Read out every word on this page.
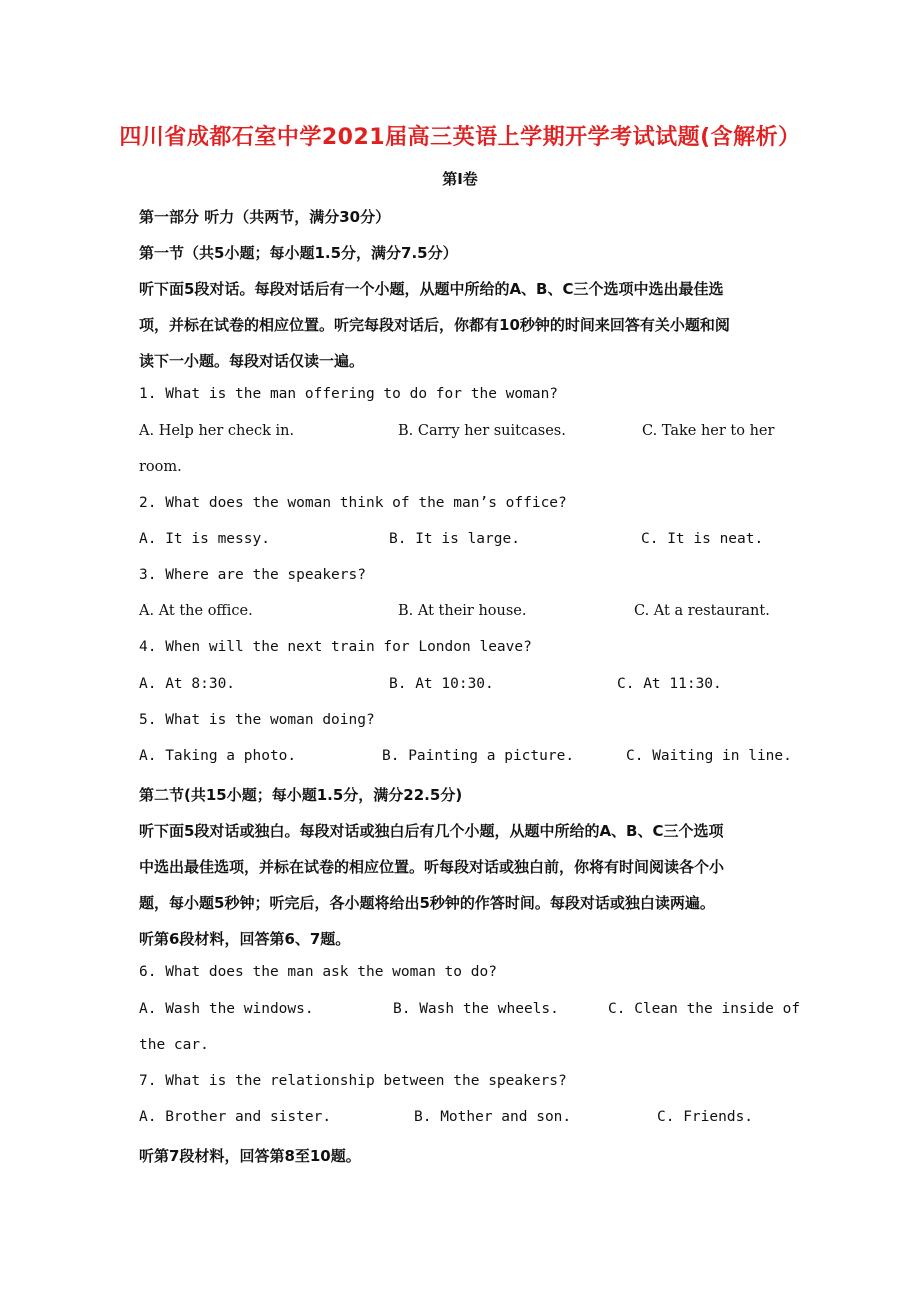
四川省成都石室中学2021届高三英语上学期开学考试试题(含解析）
第I卷
第一部分 听力（共两节，满分30分）
第一节（共5小题；每小题1.5分，满分7.5分）
听下面5段对话。每段对话后有一个小题，从题中所给的A、B、C三个选项中选出最佳选
项，并标在试卷的相应位置。听完每段对话后，你都有10秒钟的时间来回答有关小题和阅
读下一小题。每段对话仅读一遍。
1. What is the man offering to do for the woman?
A. Help her check in.	B. Carry her suitcases.	C. Take her to her
room.
2. What does the woman think of the man’s office?
A. It is messy.	B. It is large.	C. It is neat.
3. Where are the speakers?
A. At the office.	B. At their house.	C. At a restaurant.
4. When will the next train for London leave?
A. At 8:30.	B. At 10:30.	C. At 11:30.
5. What is the woman doing?
A. Taking a photo.	B. Painting a picture.	C. Waiting in line.
第二节(共15小题；每小题1.5分，满分22.5分)
听下面5段对话或独白。每段对话或独白后有几个小题，从题中所给的A、B、C三个选项
中选出最佳选项，并标在试卷的相应位置。听每段对话或独白前，你将有时间阅读各个小
题，每小题5秒钟；听完后，各小题将给出5秒钟的作答时间。每段对话或独白读两遍。
听第6段材料，回答第6、7题。
6. What does the man ask the woman to do?
A. Wash the windows.	B. Wash the wheels.	C. Clean the inside of
the car.
7. What is the relationship between the speakers?
A. Brother and sister.	B. Mother and son.	C. Friends.
听第7段材料，回答第8至10题。
